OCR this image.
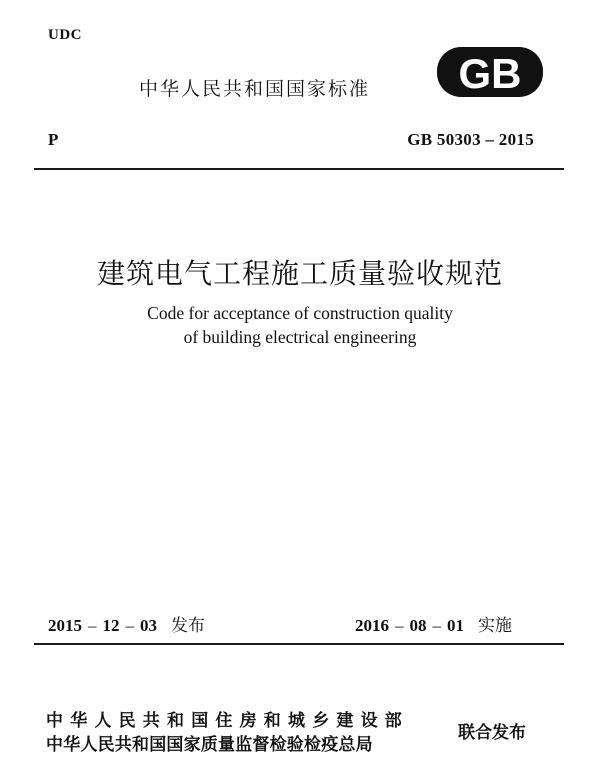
UDC
中华人民共和国国家标准 GB
P	GB 50303 – 2015
建筑电气工程施工质量验收规范
Code for acceptance of construction quality
of building electrical engineering
2015 – 12 – 03 发布	2016 – 08 – 01 实施
中华人民共和国住房和城乡建设部
中华人民共和国国家质量监督检验检疫总局
联合发布
